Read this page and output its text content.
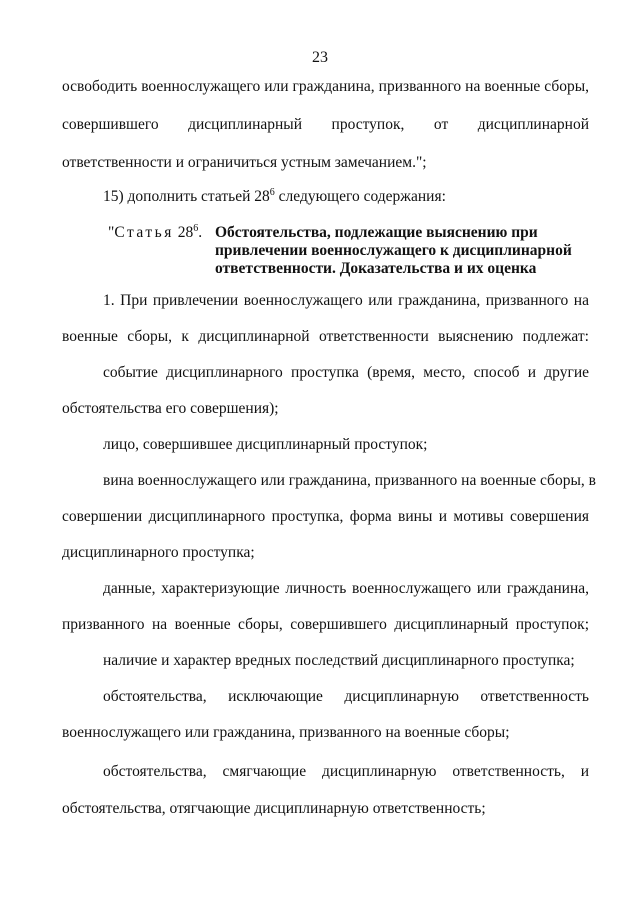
23
освободить военнослужащего или гражданина, призванного на военные сборы,
совершившего дисциплинарный проступок, от дисциплинарной
ответственности и ограничиться устным замечанием.";
15) дополнить статьей $28^6$ следующего содержания:
"Статья $28^6$. Обстоятельства, подлежащие выяснению при
привлечении военнослужащего к дисциплинарной
ответственности. Доказательства и их оценка
1. При привлечении военнослужащего или гражданина, призванного на
военные сборы, к дисциплинарной ответственности выяснению подлежат:
событие дисциплинарного проступка (время, место, способ и другие
обстоятельства его совершения);
лицо, совершившее дисциплинарный проступок;
вина военнослужащего или гражданина, призванного на военные сборы, в
совершении дисциплинарного проступка, форма вины и мотивы совершения
дисциплинарного проступка;
данные, характеризующие личность военнослужащего или гражданина,
призванного на военные сборы, совершившего дисциплинарный проступок;
наличие и характер вредных последствий дисциплинарного проступка;
обстоятельства, исключающие дисциплинарную ответственность
военнослужащего или гражданина, призванного на военные сборы;
обстоятельства, смягчающие дисциплинарную ответственность, и
обстоятельства, отягчающие дисциплинарную ответственность;
